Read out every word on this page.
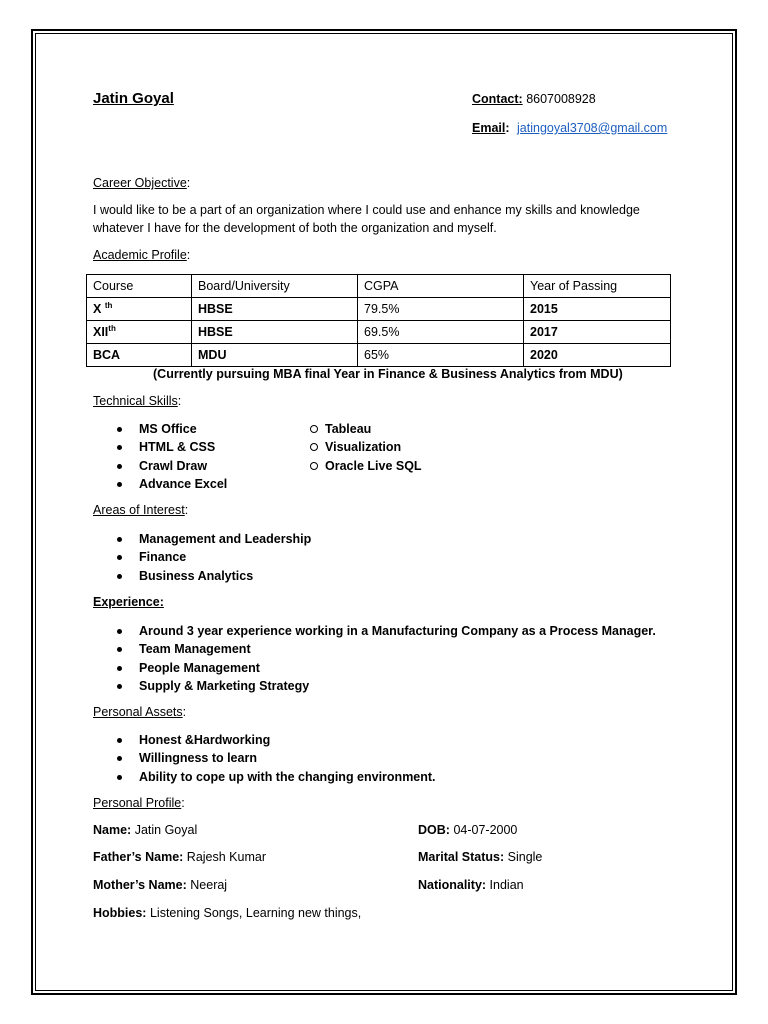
Jatin Goyal	Contact: 8607008928
Email: jatingoyal3708@gmail.com
Career Objective:
I would like to be a part of an organization where I could use and enhance my skills and knowledge whatever I have for the development of both the organization and myself.
Academic Profile:
Course	Board/University	CGPA	Year of Passing
X $^{th}$	HBSE	79.5%	2015
XIIth	HBSE	69.5%	2017
BCA	MDU	65%	2020
(Currently pursuing MBA final Year in Finance & Business Analytics from MDU)
Technical Skills:
MS Office
HTML & CSS
Crawl Draw
Advance Excel
Tableau
Visualization
Oracle Live SQL
Areas of Interest:
Management and Leadership
Finance
Business Analytics
Experience:
Around 3 year experience working in a Manufacturing Company as a Process Manager.
Team Management
People Management
Supply & Marketing Strategy
Personal Assets:
Honest &Hardworking
Willingness to learn
Ability to cope up with the changing environment.
Personal Profile:
Name: Jatin Goyal	DOB: 04-07-2000
Father’s Name: Rajesh Kumar	Marital Status: Single
Mother’s Name: Neeraj	Nationality: Indian
Hobbies: Listening Songs, Learning new things,
